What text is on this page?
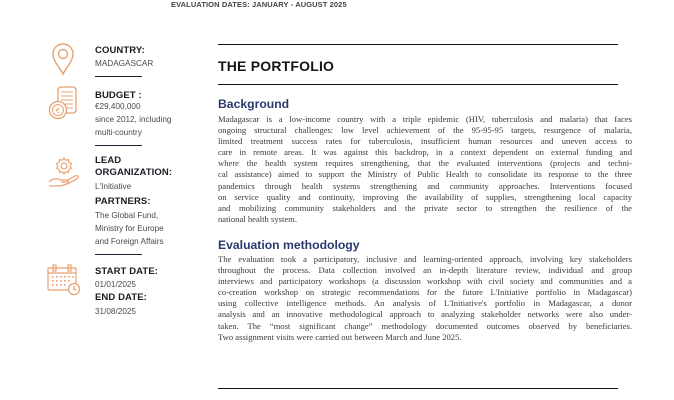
EVALUATION DATES: JANUARY - AUGUST 2025
COUNTRY:
MADAGASCAR
€
BUDGET :
€29,400,000
since 2012, including
multi-country
LEAD
ORGANIZATION:
L'Initiative
PARTNERS:
The Global Fund,
Ministry for Europe
and Foreign Affairs
START DATE:
01/01/2025
END DATE:
31/08/2025
THE PORTFOLIO
Background
Madagascar is a low-income country with a triple epidemic (HIV, tuberculosis and malaria) that faces
ongoing structural challenges: low level achievement of the 95-95-95 targets, resurgence of malaria,
limited treatment success rates for tuberculosis, insufficient human resources and uneven access to
care in remote areas. It was against this backdrop, in a context dependent on external funding and
where the health system requires strengthening, that the evaluated interventions (projects and techni-
cal assistance) aimed to support the Ministry of Public Health to consolidate its response to the three
pandemics through health systems strengthening and community approaches. Interventions focused
on service quality and continuity, improving the availability of supplies, strengthening local capacity
and mobilizing community stakeholders and the private sector to strengthen the resilience of the
national health system.
Evaluation methodology
The evaluation took a participatory, inclusive and learning-oriented approach, involving key stakeholders
throughout the process. Data collection involved an in-depth literature review, individual and group
interviews and participatory workshops (a discussion workshop with civil society and communities and a
co-creation workshop on strategic recommendations for the future L'Initiative portfolio in Madagascar)
using collective intelligence methods. An analysis of L'Initiative's portfolio in Madagascar, a donor
analysis and an innovative methodological approach to analyzing stakeholder networks were also under-
taken. The “most significant change” methodology documented outcomes observed by beneficiaries.
Two assignment visits were carried out between March and June 2025.
